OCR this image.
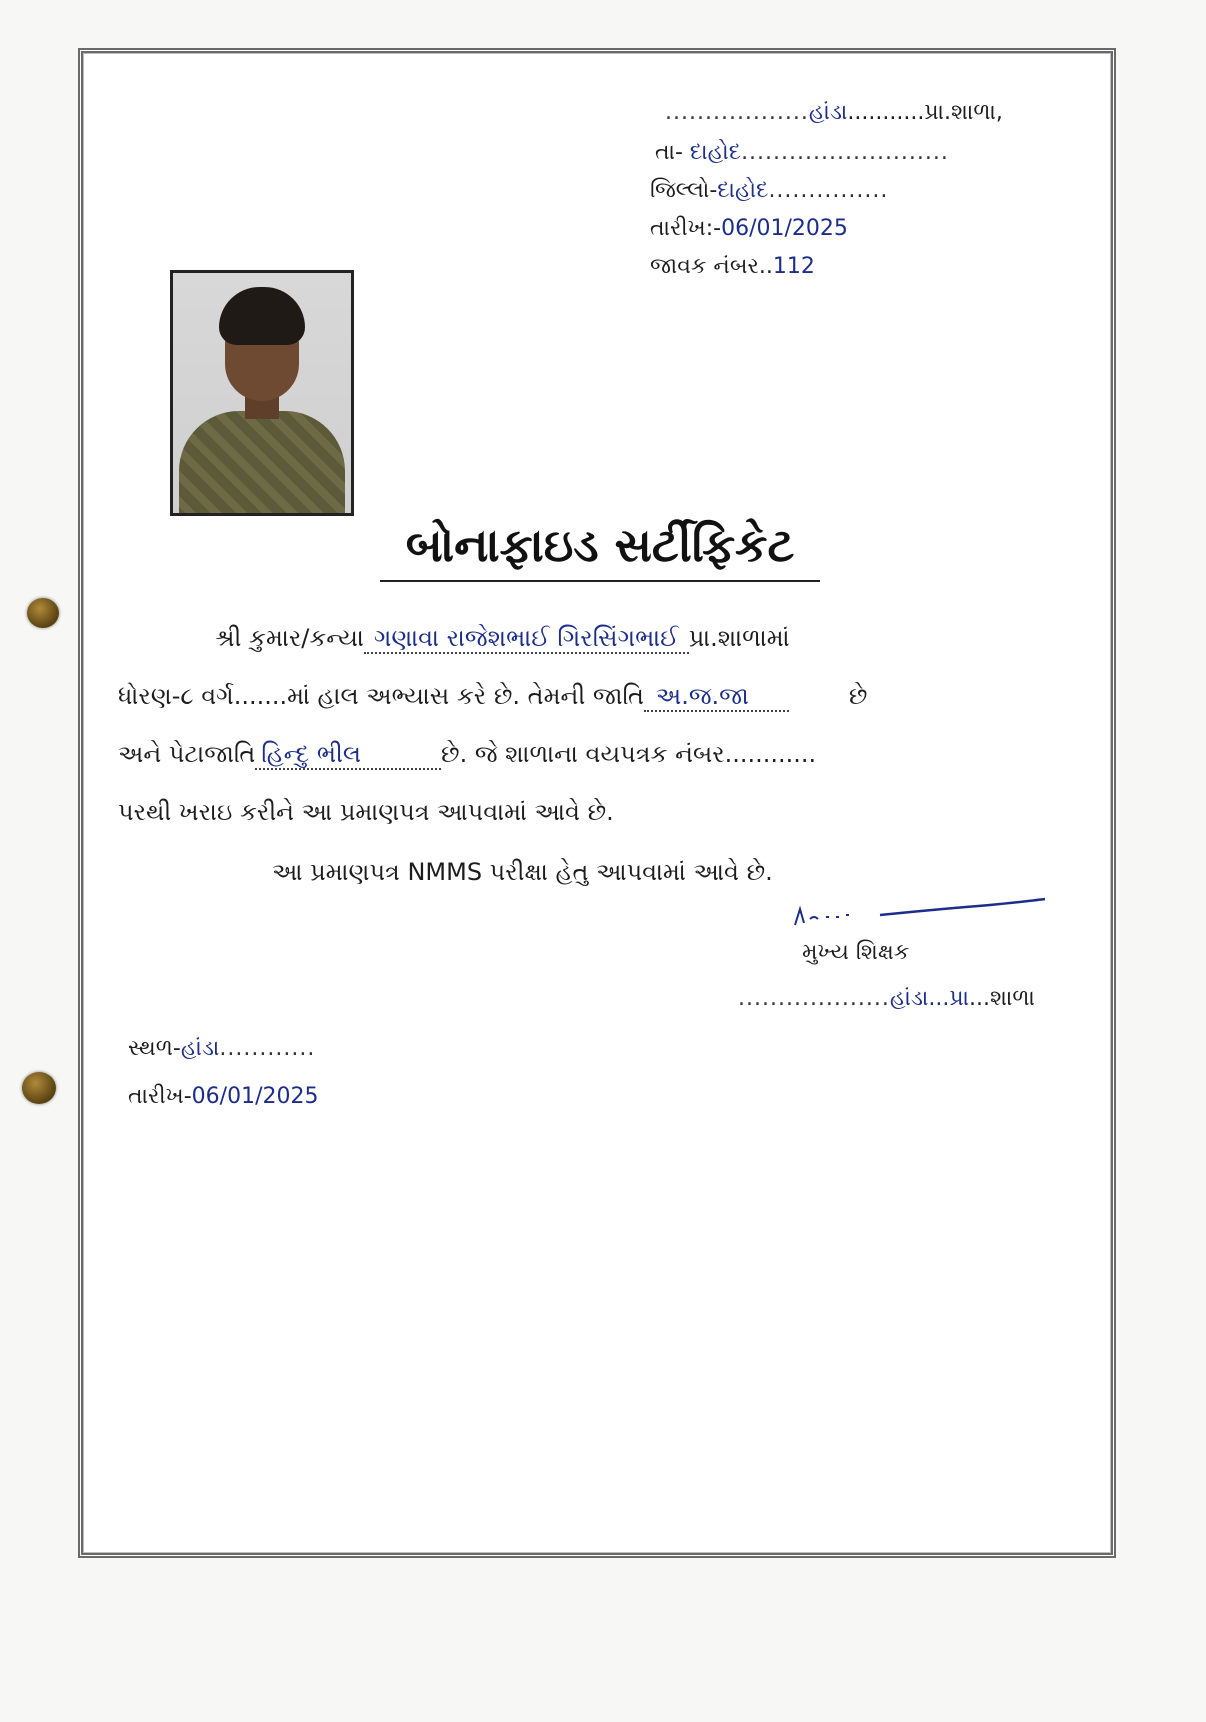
..................હાંડા...........પ્રા.શાળા,
તા- દાહોદ..........................
જિલ્લો-દાહોદ...............
તારીખ:-06/01/2025
જાવક નંબર..112
બોનાફાઇડ સર્ટીફિકેટ
શ્રી કુમાર/કન્યા ગણાવા રાજેશભાઈ ગિરસિંગભાઈ પ્રા.શાળામાં
ધોરણ-૮ વર્ગ.......માં હાલ અભ્યાસ કરે છે. તેમની જાતિ અ.જ.જા	છે
અને પેટાજાતિ હિન્દુ ભીલ	છે. જે શાળાના વયપત્રક નંબર............
પરથી ખરાઇ કરીને આ પ્રમાણપત્ર આપવામાં આવે છે.
આ પ્રમાણપત્ર NMMS પરીક્ષા હેતુ આપવામાં આવે છે.
મુખ્ય શિક્ષક
...................હાંડા...પ્રા...શાળા
સ્થળ-હાંડા............
તારીખ-06/01/2025
